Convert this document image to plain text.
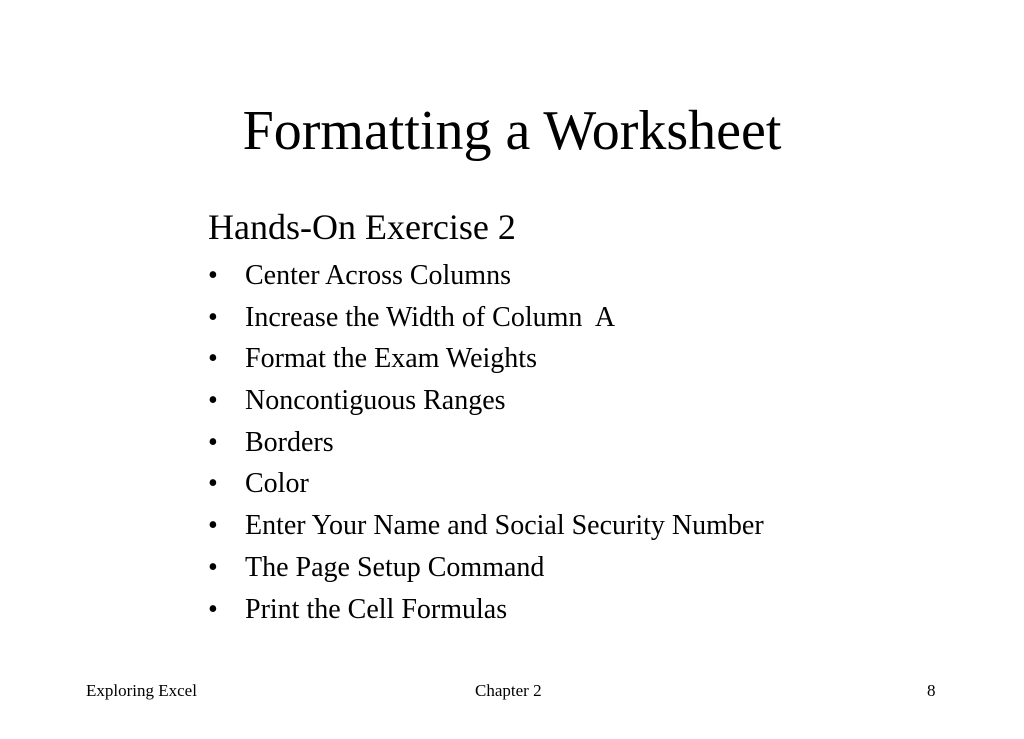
Formatting a Worksheet
Hands-On Exercise 2
• Center Across Columns
• Increase the Width of Column  A
• Format the Exam Weights
• Noncontiguous Ranges
• Borders
• Color
• Enter Your Name and Social Security Number
• The Page Setup Command
• Print the Cell Formulas
Exploring Excel	Chapter 2	8
